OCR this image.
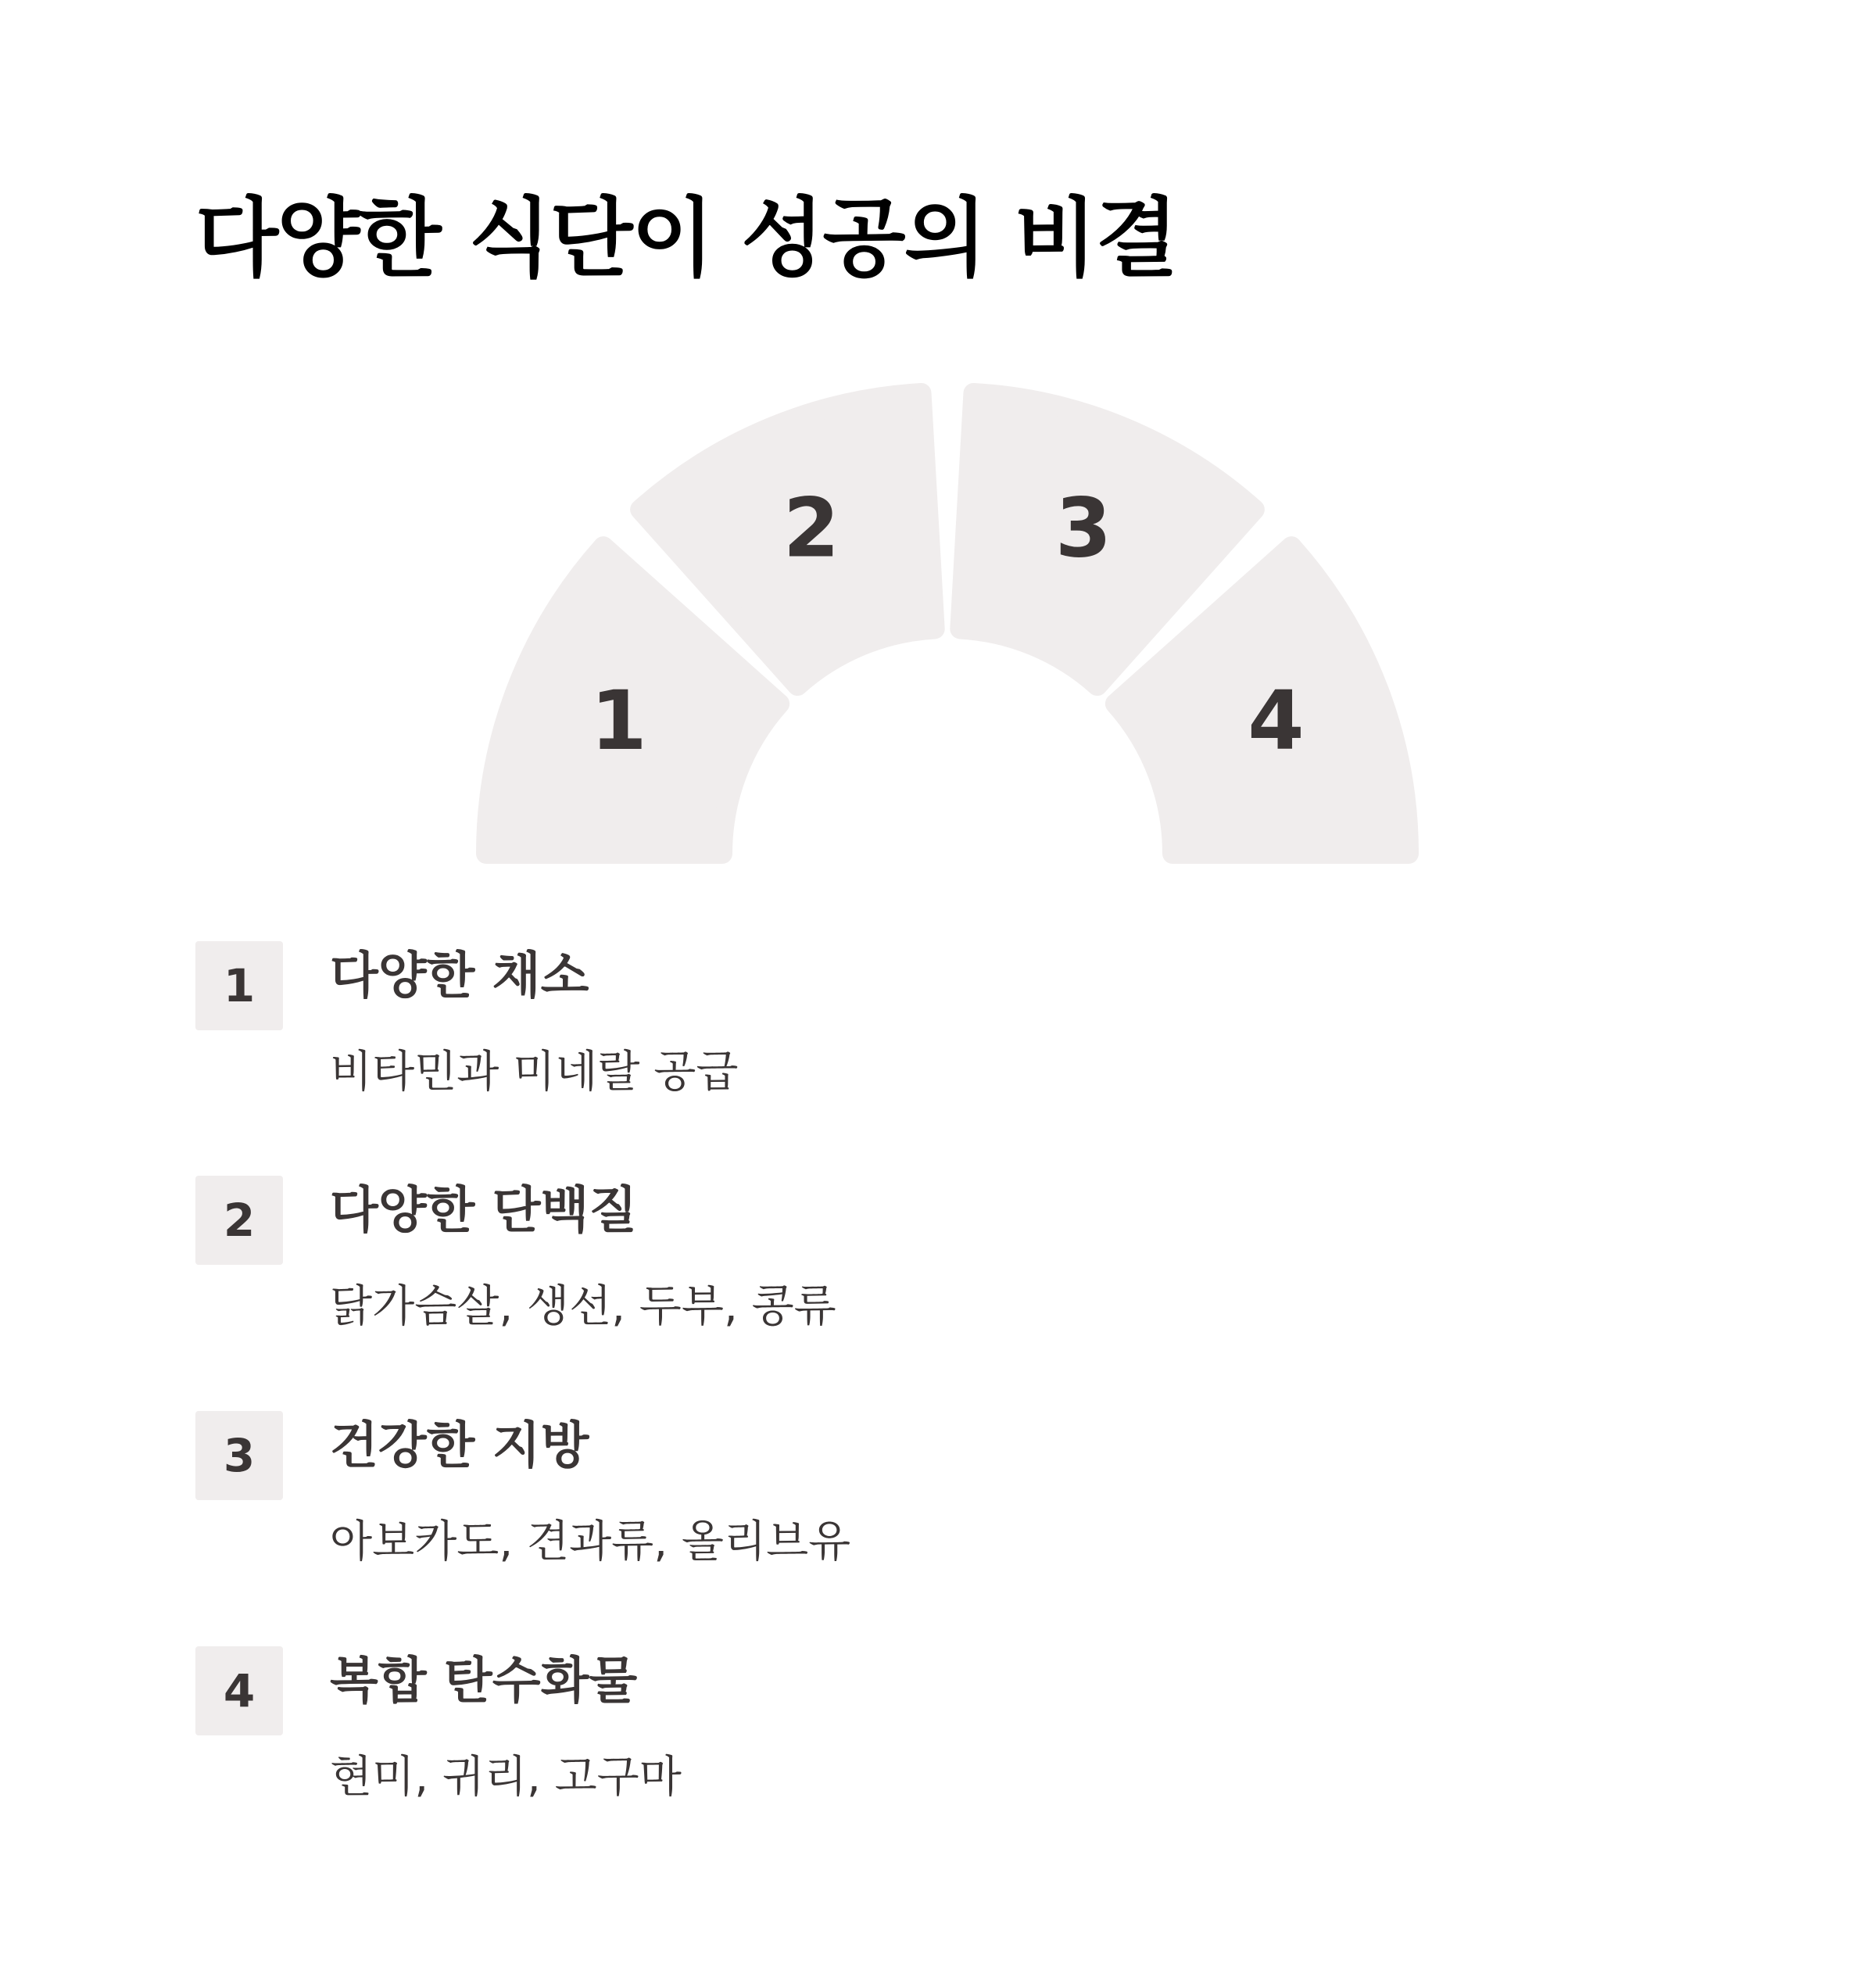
다양한 식단이 성공의 비결
1
2	3
4
1	다양한 채소

비타민과 미네랄 공급

2	다양한 단백질

닭가슴살, 생선, 두부, 콩류

3	건강한 지방

아보카도, 견과류, 올리브유

4	복합 탄수화물

현미, 귀리, 고구마
